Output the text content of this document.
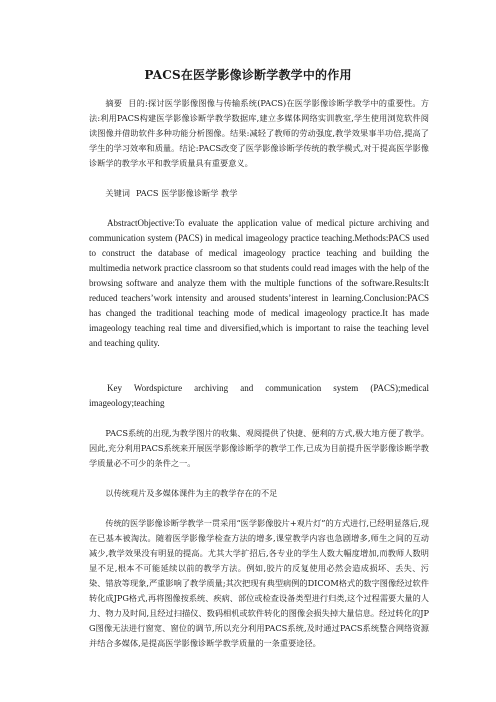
PACS在医学影像诊断学教学中的作用

摘要 目的:探讨医学影像图像与传输系统(PACS)在医学影像诊断学教学中的重要性。方法:利用PACS构建医学影像诊断学教学数据库,建立多媒体网络实训教室,学生使用浏览软件阅读图像并借助软件多种功能分析图像。结果:减轻了教师的劳动强度,教学效果事半功倍,提高了学生的学习效率和质量。结论:PACS改变了医学影像诊断学传统的教学模式,对于提高医学影像诊断学的教学水平和教学质量具有重要意义。

关键词 PACS 医学影像诊断学 教学

AbstractObjective:To evaluate the application value of medical picture archiving and communication system (PACS) in medical imageology practice teaching.Methods:PACS used to construct the database of medical imageology practice teaching and building the multimedia network practice classroom so that students could read images with the help of the browsing software and analyze them with the multiple functions of the software.Results:It reduced teachers’work intensity and aroused students’interest in learning.Conclusion:PACS has changed the traditional teaching mode of medical imageology practice.It has made imageology teaching real time and diversified,which is important to raise the teaching level and teaching qulity.

Key Wordspicture archiving and communication system (PACS);medical imageology;teaching

PACS系统的出现,为教学图片的收集、观阅提供了快捷、便利的方式,极大地方便了教学。因此,充分利用PACS系统来开展医学影像诊断学的教学工作,已成为目前提升医学影像诊断学教学质量必不可少的条件之一。

以传统观片及多媒体课件为主的教学存在的不足

传统的医学影像诊断学教学一贯采用“医学影像胶片+观片灯”的方式进行,已经明显落后,现在已基本被淘汰。随着医学影像学检查方法的增多,课堂教学内容也急剧增多,师生之间的互动减少,教学效果没有明显的提高。尤其大学扩招后,各专业的学生人数大幅度增加,而教师人数明显不足,根本不可能延续以前的教学方法。例如,胶片的反复使用必然会造成损坏、丢失、污染、错放等现象,严重影响了教学质量;其次把现有典型病例的DICOM格式的数字图像经过软件转化成JPG格式,再将图像按系统、疾病、部位或检查设备类型进行归类,这个过程需要大量的人力、物力及时间,且经过扫描仪、数码相机或软件转化的图像会损失掉大量信息。经过转化的JPG图像无法进行窗宽、窗位的调节,所以充分利用PACS系统,及时通过PACS系统整合网络资源并结合多媒体,是提高医学影像诊断学教学质量的一条重要途径。
